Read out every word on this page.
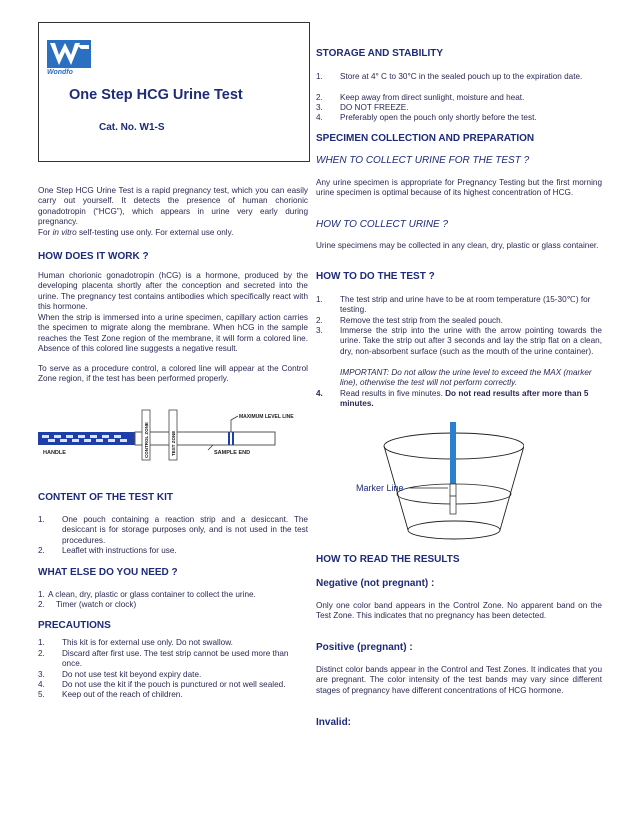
Wondfo
One Step HCG Urine Test
Cat. No. W1-S
One Step HCG Urine Test is a rapid pregnancy test, which you can easily carry out yourself. It detects the presence of human chorionic gonadotropin (“HCG”), which appears in urine very early during pregnancy.
For in vitro self-testing use only. For external use only.
HOW DOES IT WORK ?
Human chorionic gonadotropin (hCG) is a hormone, produced by the developing placenta shortly after the conception and secreted into the urine. The pregnancy test contains antibodies which specifically react with this hormone.
When the strip is immersed into a urine specimen, capillary action carries the specimen to migrate along the membrane. When hCG in the sample reaches the Test Zone region of the membrane, it will form a colored line. Absence of this colored line suggests a negative result.
To serve as a procedure control, a colored line will appear at the Control Zone region, if the test has been performed properly.
HANDLE	CONTROL ZONE	TEST ZONE	SAMPLE END
MAXIMUM LEVEL LINE
CONTENT OF THE TEST KIT
1.	One pouch containing a reaction strip and a desiccant. The desiccant is for storage purposes only, and is not used in the test procedures.
2.	Leaflet with instructions for use.
WHAT ELSE DO YOU NEED ?
1. A clean, dry, plastic or glass container to collect the urine.
2.	Timer (watch or clock)
PRECAUTIONS
1.	This kit is for external use only. Do not swallow.
2.	Discard after first use. The test strip cannot be used more than once.
3.	Do not use test kit beyond expiry date.
4.	Do not use the kit if the pouch is punctured or not well sealed.
5.	Keep out of the reach of children.
STORAGE AND STABILITY
1.	Store at 4° C to 30°C in the sealed pouch up to the expiration date.
2.	Keep away from direct sunlight, moisture and heat.
3.	DO NOT FREEZE.
4.	Preferably open the pouch only shortly before the test.
SPECIMEN COLLECTION AND PREPARATION
WHEN TO COLLECT URINE FOR THE TEST ?
Any urine specimen is appropriate for Pregnancy Testing but the first morning urine specimen is optimal because of its highest concentration of HCG.
HOW TO COLLECT URINE ?
Urine specimens may be collected in any clean, dry, plastic or glass container.
HOW TO DO THE TEST ?
1.	The test strip and urine have to be at room temperature (15-30℃) for testing.
2.	Remove the test strip from the sealed pouch.
3.	Immerse the strip into the urine with the arrow pointing towards the urine. Take the strip out after 3 seconds and lay the strip flat on a clean, dry, non-absorbent surface (such as the mouth of the urine container).
IMPORTANT: Do not allow the urine level to exceed the MAX (marker line), otherwise the test will not perform correctly.
4.	Read results in five minutes. Do not read results after more than 5 minutes.
Marker Line
HOW TO READ THE RESULTS
Negative (not pregnant) :
Only one color band appears in the Control Zone. No apparent band on the Test Zone. This indicates that no pregnancy has been detected.
Positive (pregnant) :
Distinct color bands appear in the Control and Test Zones. It indicates that you are pregnant. The color intensity of the test bands may vary since different stages of pregnancy have different concentrations of HCG hormone.
Invalid:
